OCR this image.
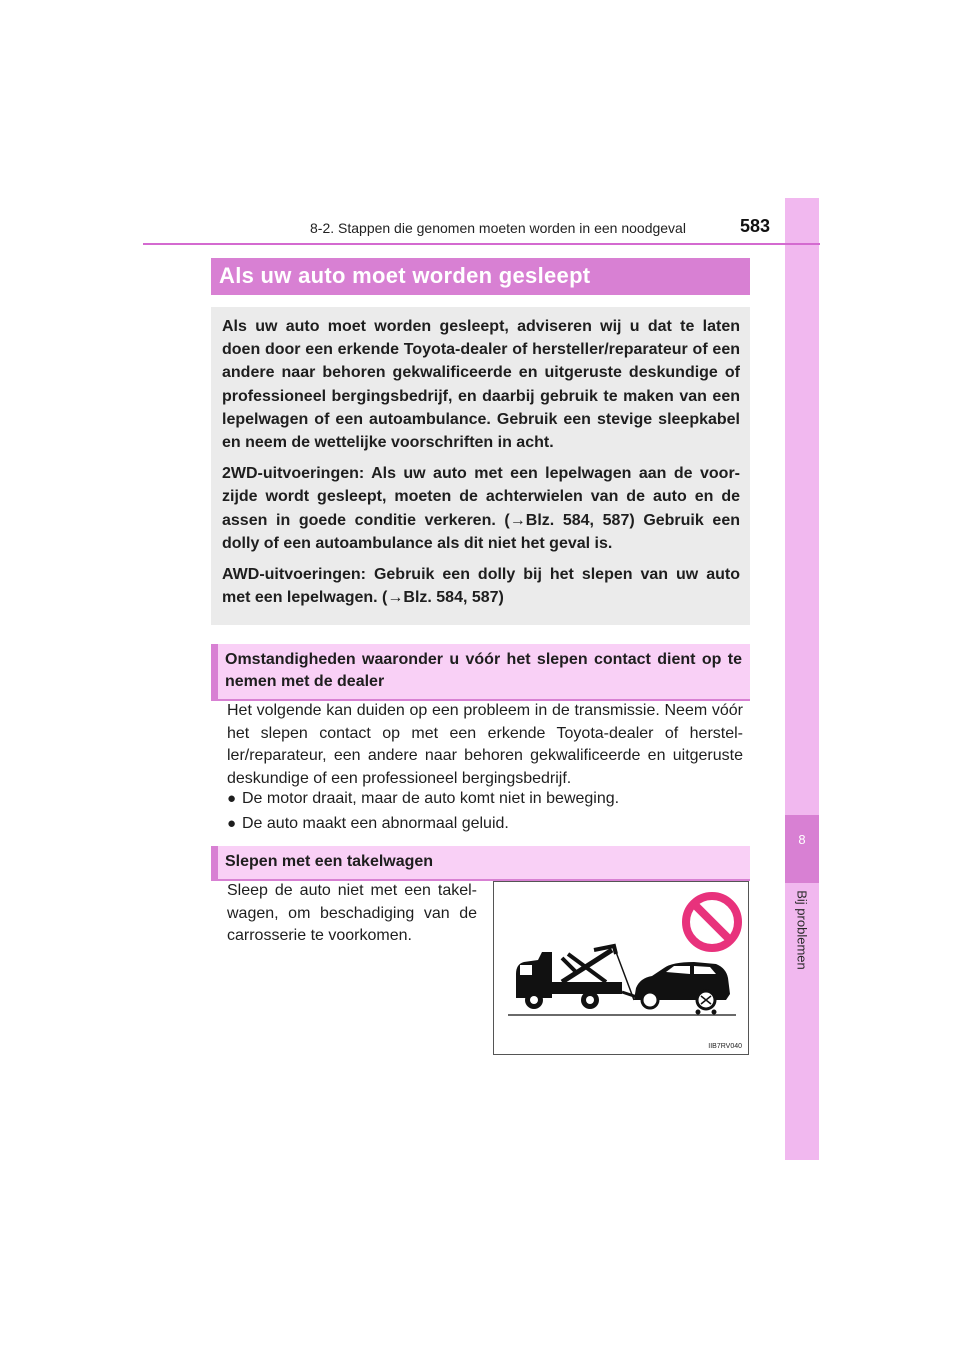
8
Bij problemen
8-2. Stappen die genomen moeten worden in een noodgeval	583
Als uw auto moet worden gesleept

Als uw auto moet worden gesleept, adviseren wij u dat te laten doen door een erkende Toyota-dealer of hersteller/reparateur of een andere naar behoren gekwalificeerde en uitgeruste deskundige of professioneel bergingsbedrijf, en daarbij gebruik te maken van een lepelwagen of een autoambulance. Gebruik een stevige sleepkabel en neem de wettelijke voorschriften in acht.

2WD-uitvoeringen: Als uw auto met een lepelwagen aan de voorzijde wordt gesleept, moeten de achterwielen van de auto en de assen in goede conditie verkeren. (→Blz. 584, 587) Gebruik een dolly of een autoambulance als dit niet het geval is.

AWD-uitvoeringen: Gebruik een dolly bij het slepen van uw auto met een lepelwagen. (→Blz. 584, 587)

Omstandigheden waaronder u vóór het slepen contact dient op te nemen met de dealer
Het volgende kan duiden op een probleem in de transmissie. Neem vóór het slepen contact op met een erkende Toyota-dealer of hersteller/reparateur, een andere naar behoren gekwalificeerde en uitgeruste deskundige of een professioneel bergingsbedrijf.
● De motor draait, maar de auto komt niet in beweging.
● De auto maakt een abnormaal geluid.
Slepen met een takelwagen
Sleep de auto niet met een takelwagen, om beschadiging van de carrosserie te voorkomen.
IIB7RV040
